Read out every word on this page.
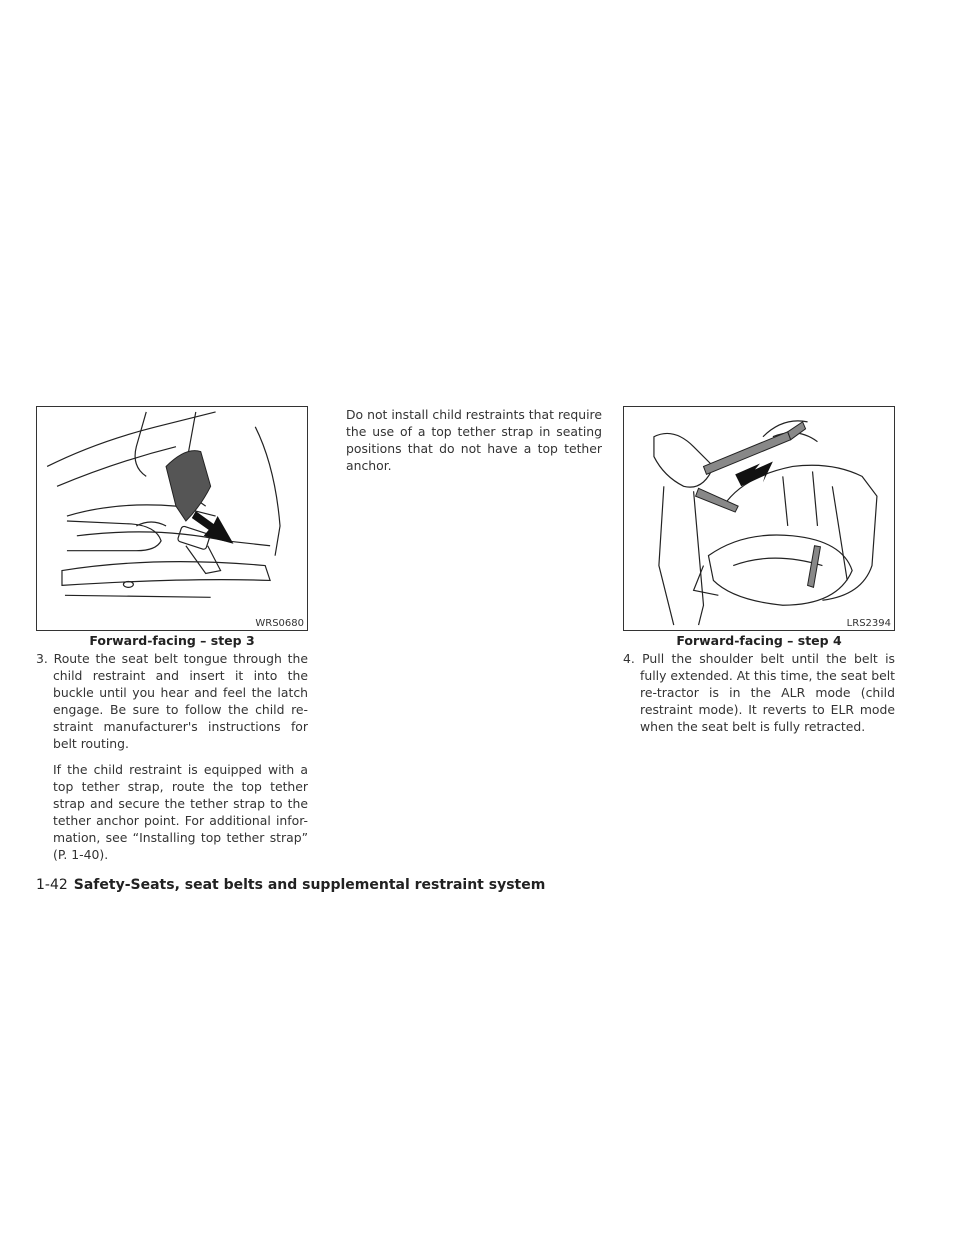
WRS0680
Forward-facing – step 3
LRS2394
Forward-facing – step 4

3. Route the seat belt tongue through the child restraint and insert it into the buckle until you hear and feel the latch engage. Be sure to follow the child re-straint manufacturer's instructions for belt routing.

If the child restraint is equipped with a top tether strap, route the top tether strap and secure the tether strap to the tether anchor point. For additional infor-mation, see “Installing top tether strap” (P. 1-40).

Do not install child restraints that require the use of a top tether strap in seating positions that do not have a top tether anchor.

4. Pull the shoulder belt until the belt is fully extended. At this time, the seat belt re-tractor is in the ALR mode (child restraint mode). It reverts to ELR mode when the seat belt is fully retracted.

1-42 Safety-Seats, seat belts and supplemental restraint system
